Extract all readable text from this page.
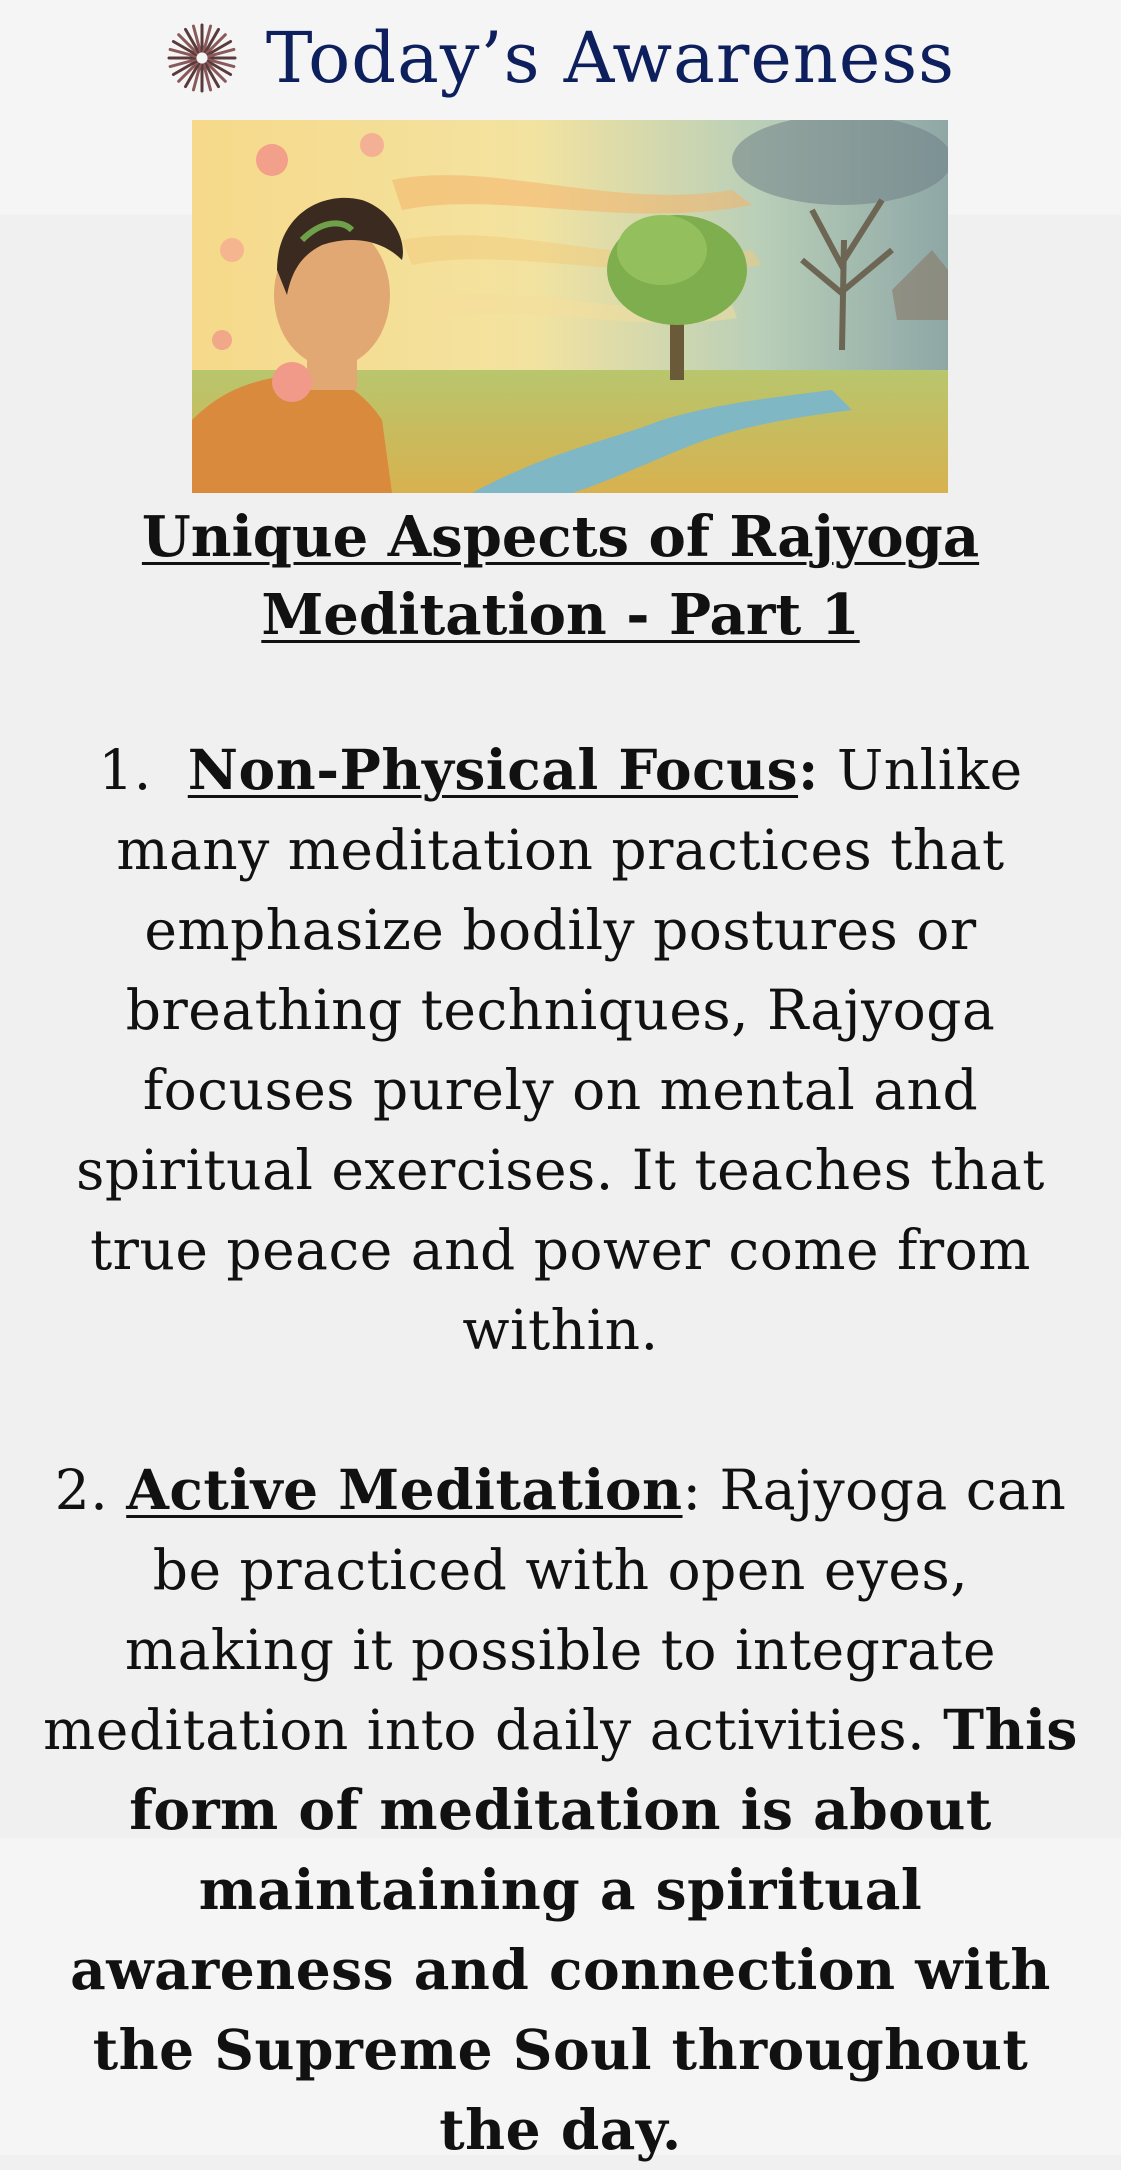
Today’s Awareness
Unique Aspects of Rajyoga Meditation - Part 1
1. Non-Physical Focus: Unlike many meditation practices that emphasize bodily postures or breathing techniques, Rajyoga focuses purely on mental and spiritual exercises. It teaches that true peace and power come from within.
2. Active Meditation: Rajyoga can be practiced with open eyes, making it possible to integrate meditation into daily activities. This form of meditation is about maintaining a spiritual awareness and connection with the Supreme Soul throughout the day.
